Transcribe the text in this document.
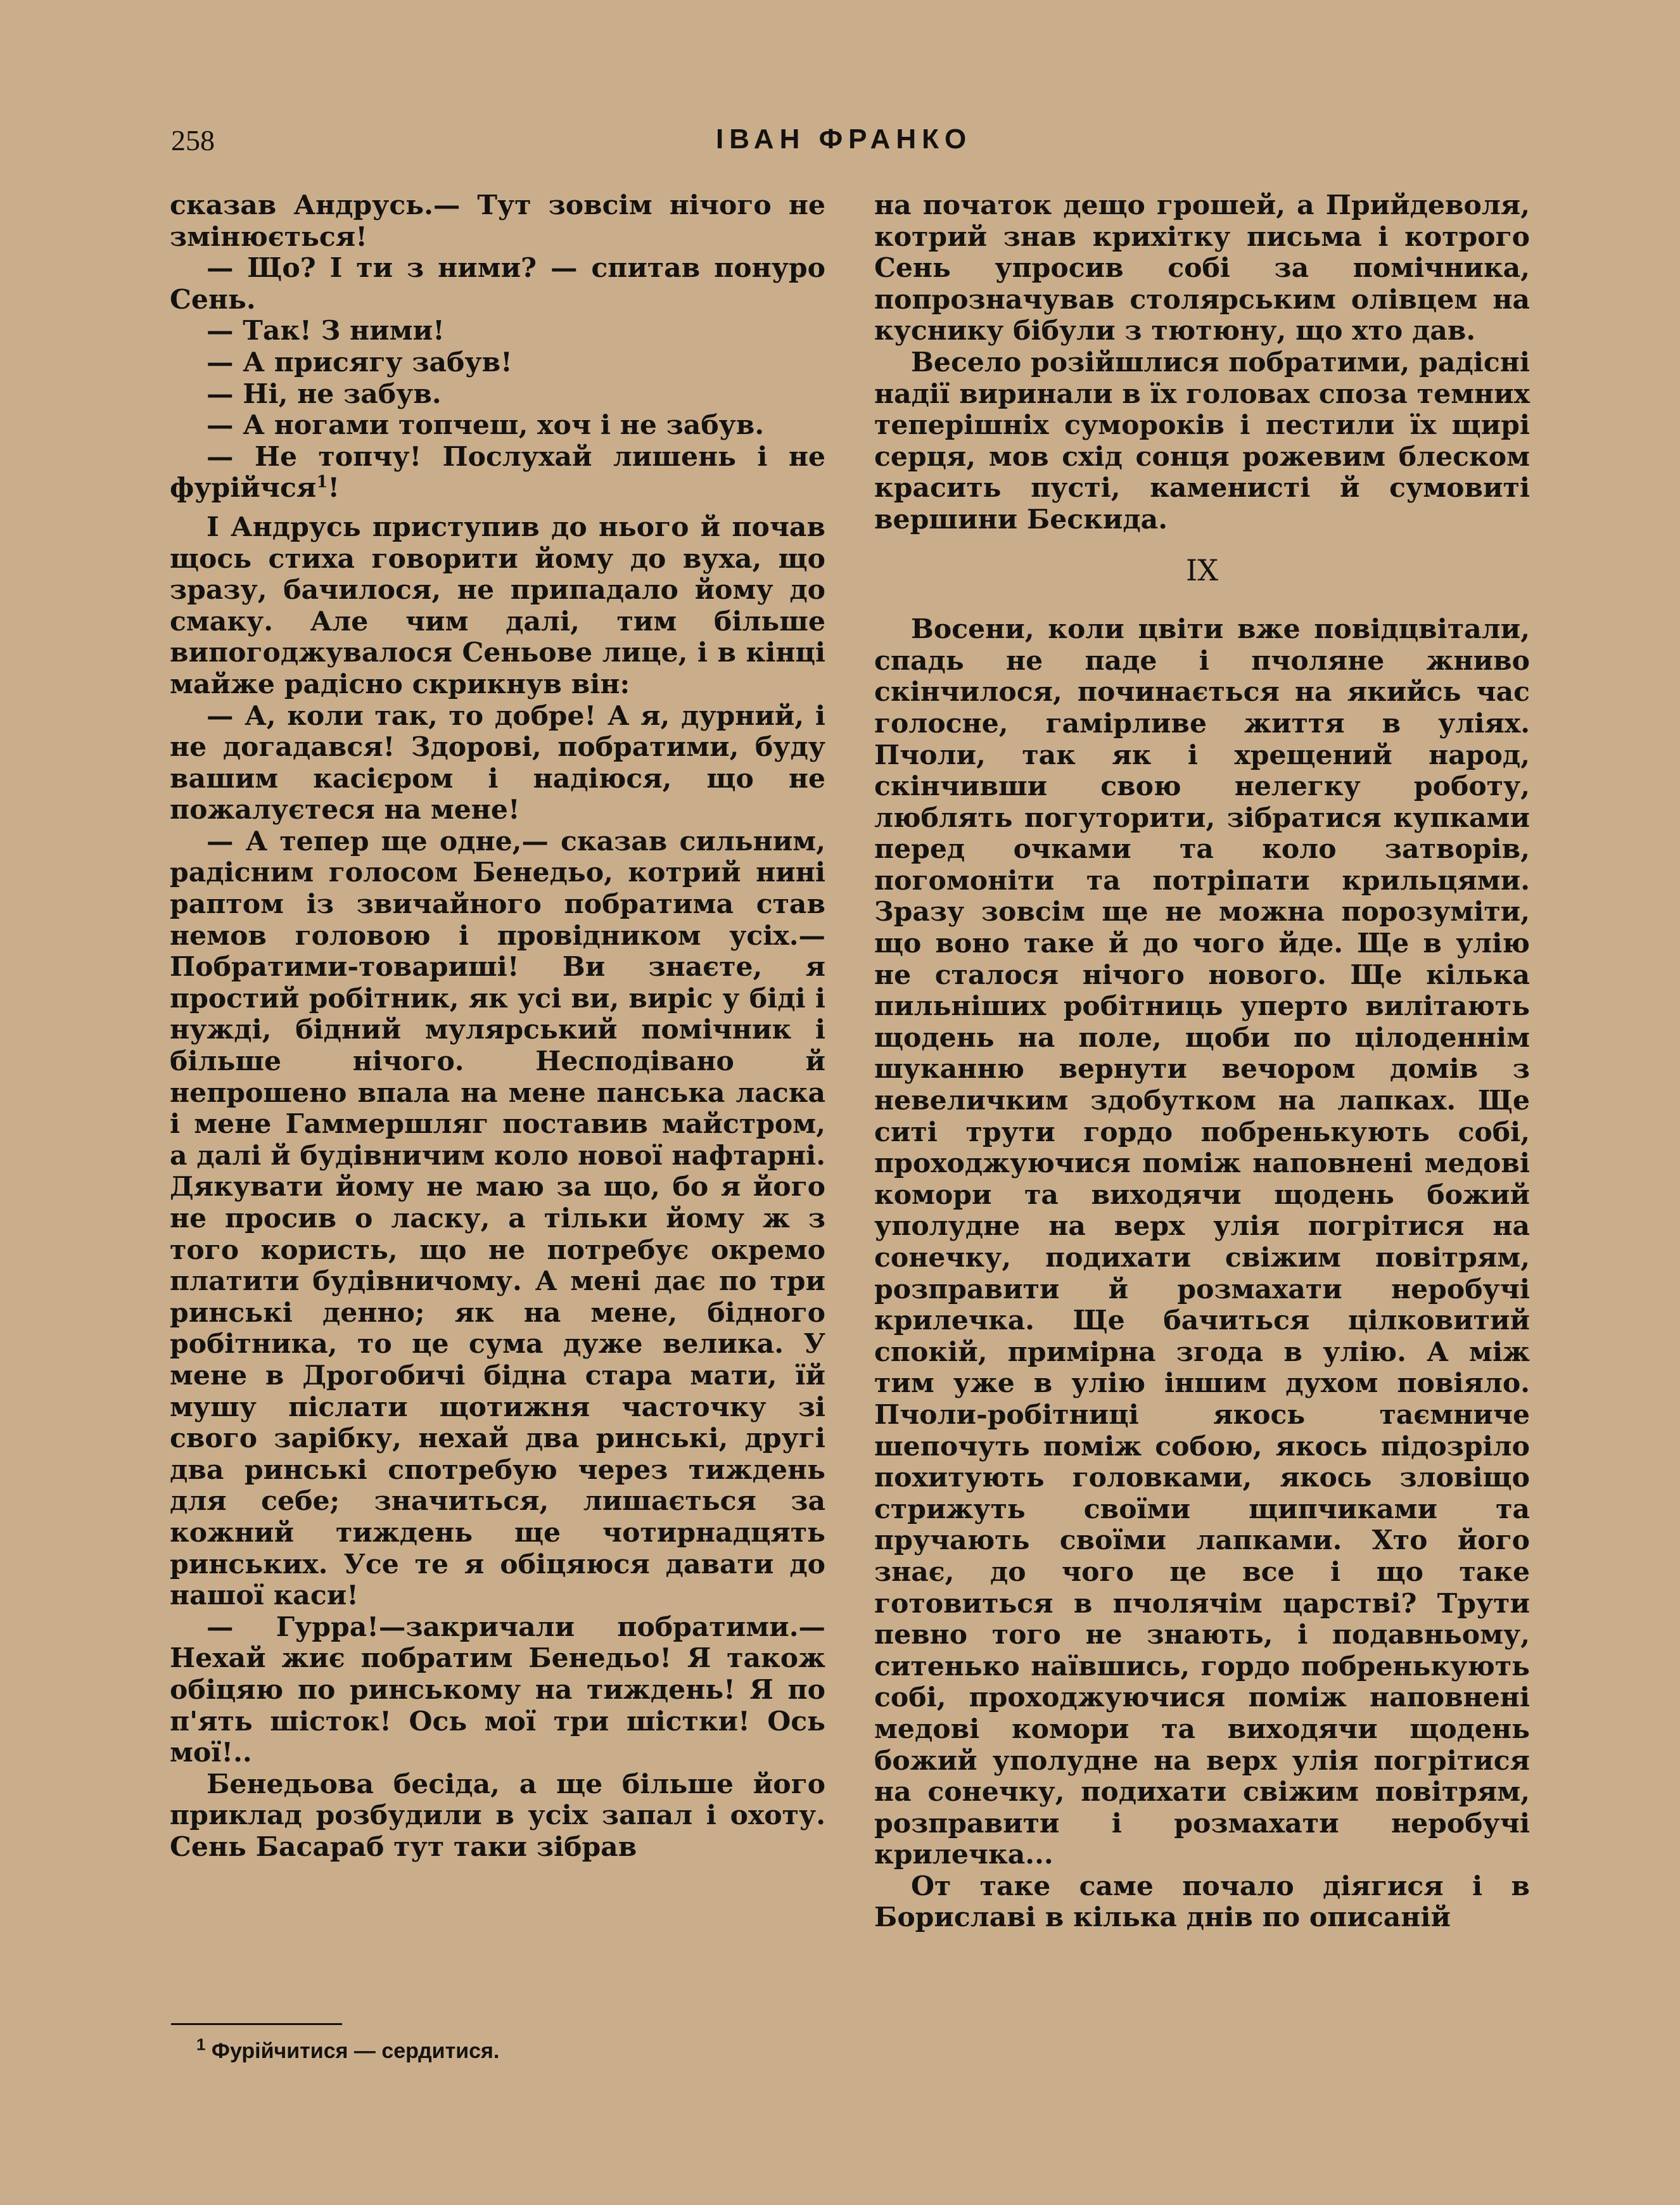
258	ІВАН ФРАНКО

сказав Андрусь.— Тут зовсім нічого не змінюється!

— Що? І ти з ними? — спитав понуро Сень.

— Так! З ними!

— А присягу забув!

— Ні, не забув.

— А ногами топчеш, хоч і не забув.

— Не топчу! Послухай лишень і не фурійчся$^1$!

І Андрусь приступив до нього й почав щось стиха говорити йому до вуха, що зразу, бачилося, не припадало йому до смаку. Але чим далі, тим більше випогоджувалося Сеньове лице, і в кінці майже радісно скрикнув він:

— А, коли так, то добре! А я, дурний, і не догадався! Здорові, побратими, буду вашим касієром і надіюся, що не пожалуєтеся на мене!

— А тепер ще одне,— сказав сильним, радісним голосом Бенедьо, котрий нині раптом із звичайного побратима став немов головою і провідником усіх.— Побратими-товариші! Ви знаєте, я простий робітник, як усі ви, виріс у біді і нужді, бідний мулярський помічник і більше нічого. Несподівано й непрошено впала на мене панська ласка і мене Гаммершляг поставив майстром, а далі й будівничим коло нової нафтарні. Дякувати йому не маю за що, бо я його не просив о ласку, а тільки йому ж з того користь, що не потребує окремо платити будівничому. А мені дає по три ринські денно; як на мене, бідного робітника, то це сума дуже велика. У мене в Дрогобичі бідна стара мати, їй мушу післати щотижня часточку зі свого зарібку, нехай два ринські, другі два ринські спотребую через тиждень для себе; значиться, лишається за кожний тиждень ще чотирнадцять ринських. Усе те я обіцяюся давати до нашої каси!

— Гурра!—закричали побратими.— Нехай жиє побратим Бенедьо! Я також обіцяю по ринському на тиждень! Я по п'ять шісток! Ось мої три шістки! Ось мої!..

Бенедьова бесіда, а ще більше його приклад розбудили в усіх запал і охоту. Сень Басараб тут таки зібрав

на початок дещо грошей, а Прийдеволя, котрий знав крихітку письма і котрого Сень упросив собі за помічника, попрозначував столярським олівцем на куснику бібули з тютюну, що хто дав.

Весело розійшлися побратими, радісні надії виринали в їх головах споза темних теперішніх суморокiв і пестили їх щирі серця, мов схід сонця рожевим блеском красить пусті, каменисті й сумовиті вершини Бескида.

IX

Восени, коли цвіти вже повідцвітали, спадь не паде і пчоляне жниво скінчилося, починається на якийсь час голосне, гамірливе життя в уліях. Пчоли, так як і хрещений народ, скінчивши свою нелегку роботу, люблять погуторити, зібратися купками перед очками та коло затворів, погомоніти та потріпати крильцями. Зразу зовсім ще не можна порозуміти, що воно таке й до чого йде. Ще в улію не сталося нічого нового. Ще кілька пильніших робітниць уперто вилітають щодень на поле, щоби по цілоденнім шуканню вернути вечором домів з невеличким здобутком на лапках. Ще ситі трути гордо побренькують собі, проходжуючися поміж наповнені медові комори та виходячи щодень божий уполудне на верх улія погрітися на сонечку, подихати свіжим повітрям, розправити й розмахати неробучі крилечка. Ще бачиться цілковитий спокій, примірна згода в улію. А між тим уже в улію іншим духом повіяло. Пчоли-робітниці якось таємниче шепочуть поміж собою, якось підозріло похитують головками, якось зловіщо стрижуть своїми щипчиками та пручають своїми лапками. Хто його знає, до чого це все і що таке готовиться в пчолячім царстві? Трути певно того не знають, і подавньому, ситенько наївшись, гордо побренькують собі, проходжуючися поміж наповнені медові комори та виходячи щодень божий уполудне на верх улія погрітися на сонечку, подихати свіжим повітрям, розправити і розмахати неробучі крилечка...

От таке саме почало діягися і в Бориславі в кілька днів по описаній

$^1$ Фурійчитися — сердитися.
